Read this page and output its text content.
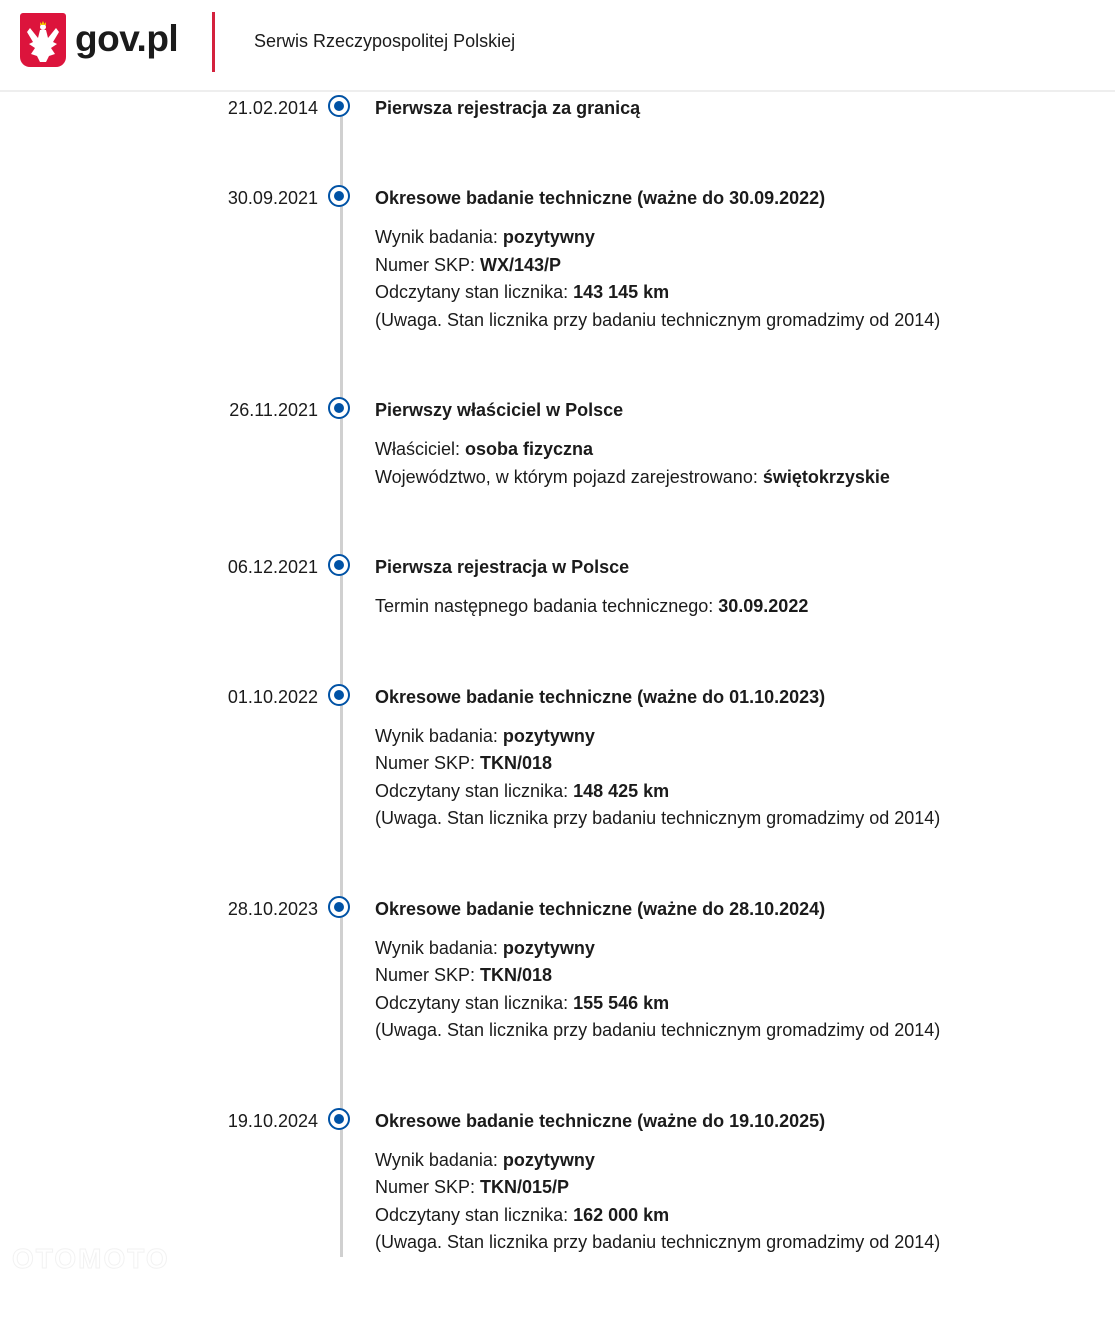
gov.pl	Serwis Rzeczypospolitej Polskiej
21.02.2014	Pierwsza rejestracja za granicą
30.09.2021	Okresowe badanie techniczne (ważne do 30.09.2022)
Wynik badania: pozytywny
Numer SKP: WX/143/P
Odczytany stan licznika: 143 145 km
(Uwaga. Stan licznika przy badaniu technicznym gromadzimy od 2014)
26.11.2021	Pierwszy właściciel w Polsce
Właściciel: osoba fizyczna
Województwo, w którym pojazd zarejestrowano: świętokrzyskie
06.12.2021	Pierwsza rejestracja w Polsce
Termin następnego badania technicznego: 30.09.2022
01.10.2022	Okresowe badanie techniczne (ważne do 01.10.2023)
Wynik badania: pozytywny
Numer SKP: TKN/018
Odczytany stan licznika: 148 425 km
(Uwaga. Stan licznika przy badaniu technicznym gromadzimy od 2014)
28.10.2023	Okresowe badanie techniczne (ważne do 28.10.2024)
Wynik badania: pozytywny
Numer SKP: TKN/018
Odczytany stan licznika: 155 546 km
(Uwaga. Stan licznika przy badaniu technicznym gromadzimy od 2014)
19.10.2024	Okresowe badanie techniczne (ważne do 19.10.2025)
Wynik badania: pozytywny
Numer SKP: TKN/015/P
Odczytany stan licznika: 162 000 km
(Uwaga. Stan licznika przy badaniu technicznym gromadzimy od 2014)
OTOMOTO
